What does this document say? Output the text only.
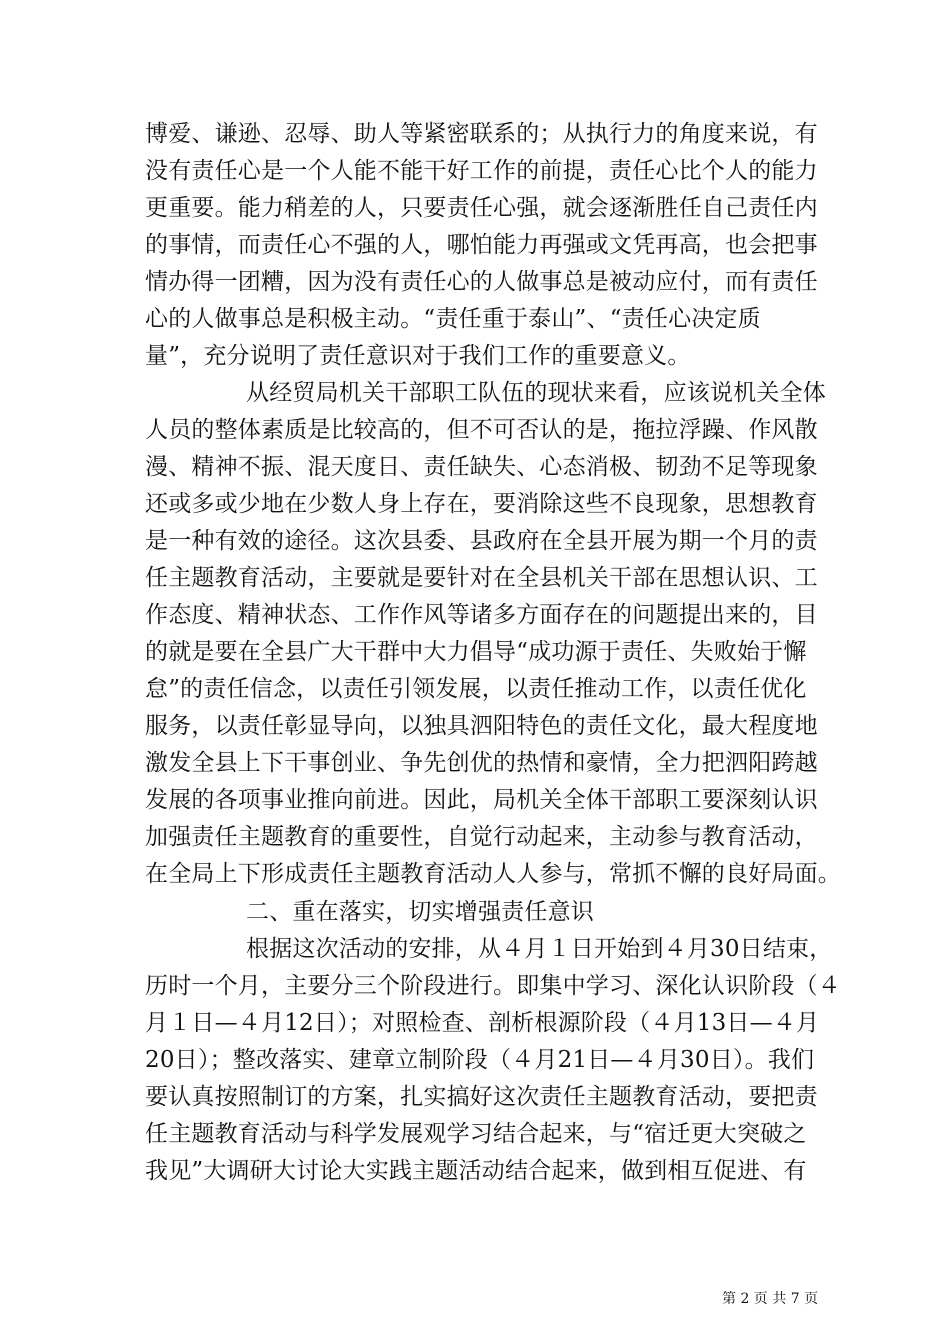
博爱、谦逊、忍辱、助人等紧密联系的；从执行力的角度来说，有
没有责任心是一个人能不能干好工作的前提，责任心比个人的能力
更重要。能力稍差的人，只要责任心强，就会逐渐胜任自己责任内
的事情，而责任心不强的人，哪怕能力再强或文凭再高，也会把事
情办得一团糟，因为没有责任心的人做事总是被动应付，而有责任
心的人做事总是积极主动。“责任重于泰山”、“责任心决定质
量”，充分说明了责任意识对于我们工作的重要意义。
从经贸局机关干部职工队伍的现状来看，应该说机关全体
人员的整体素质是比较高的，但不可否认的是，拖拉浮躁、作风散
漫、精神不振、混天度日、责任缺失、心态消极、韧劲不足等现象
还或多或少地在少数人身上存在，要消除这些不良现象，思想教育
是一种有效的途径。这次县委、县政府在全县开展为期一个月的责
任主题教育活动，主要就是要针对在全县机关干部在思想认识、工
作态度、精神状态、工作作风等诸多方面存在的问题提出来的，目
的就是要在全县广大干群中大力倡导“成功源于责任、失败始于懈
怠”的责任信念，以责任引领发展，以责任推动工作，以责任优化
服务，以责任彰显导向，以独具泗阳特色的责任文化，最大程度地
激发全县上下干事创业、争先创优的热情和豪情，全力把泗阳跨越
发展的各项事业推向前进。因此，局机关全体干部职工要深刻认识
加强责任主题教育的重要性，自觉行动起来，主动参与教育活动，
在全局上下形成责任主题教育活动人人参与，常抓不懈的良好局面。
二、重在落实，切实增强责任意识
根据这次活动的安排，从４月１日开始到４月30日结束，
历时一个月，主要分三个阶段进行。即集中学习、深化认识阶段（４
月１日—４月12日）；对照检查、剖析根源阶段（４月13日—４月
20日）；整改落实、建章立制阶段（４月21日—４月30日）。我们
要认真按照制订的方案，扎实搞好这次责任主题教育活动，要把责
任主题教育活动与科学发展观学习结合起来，与“宿迁更大突破之
我见”大调研大讨论大实践主题活动结合起来，做到相互促进、有
第 2 页 共 7 页
